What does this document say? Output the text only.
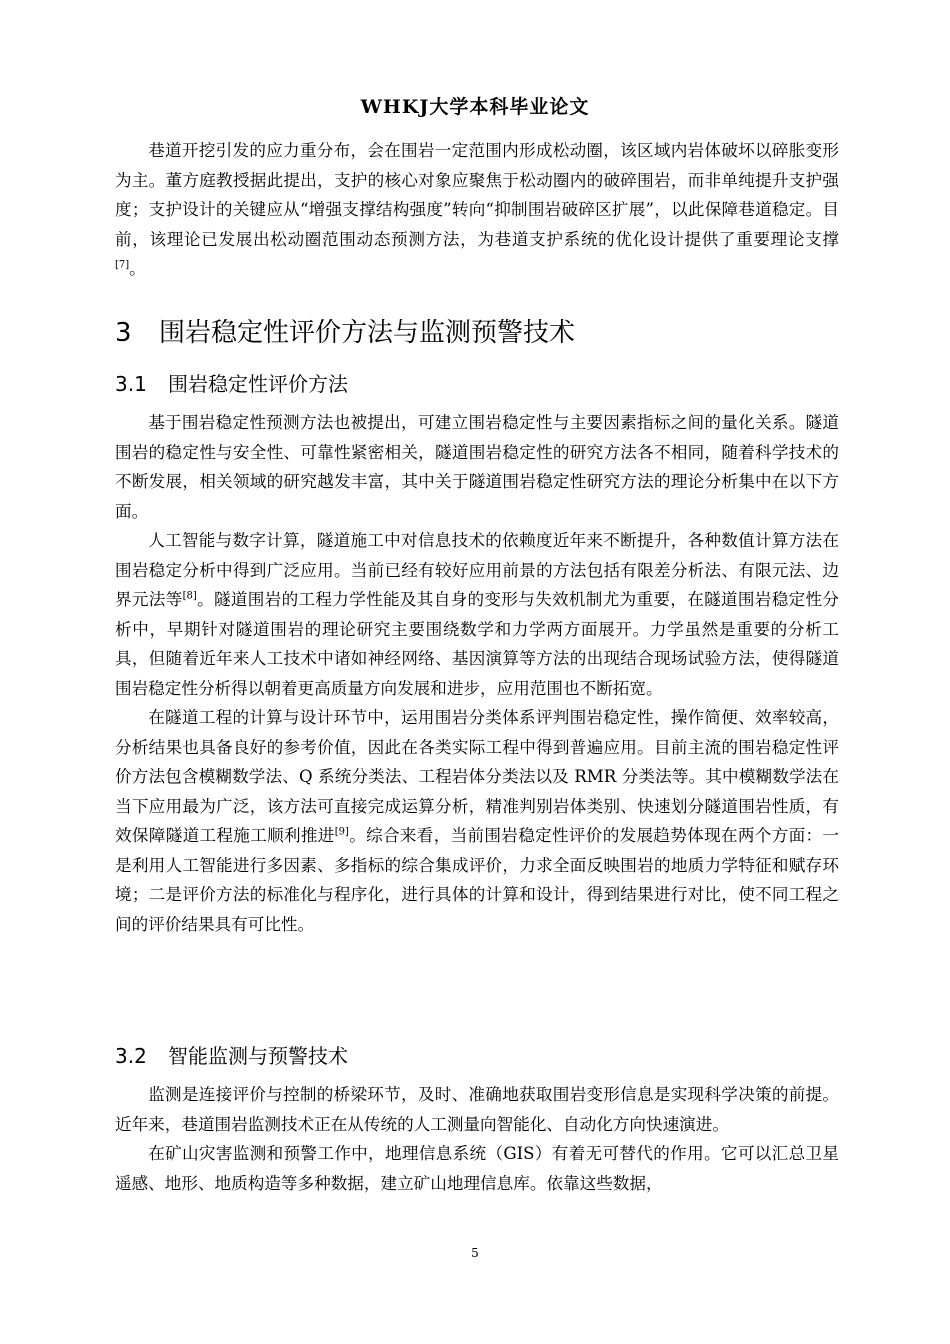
WHKJ大学本科毕业论文

巷道开挖引发的应力重分布，会在围岩一定范围内形成松动圈，该区域内岩体破坏以碎胀变形为主。董方庭教授据此提出，支护的核心对象应聚焦于松动圈内的破碎围岩，而非单纯提升支护强度；支护设计的关键应从“增强支撑结构强度”转向“抑制围岩破碎区扩展”，以此保障巷道稳定。目前，该理论已发展出松动圈范围动态预测方法，为巷道支护系统的优化设计提供了重要理论支撑[7]。

3 围岩稳定性评价方法与监测预警技术
3.1 围岩稳定性评价方法

基于围岩稳定性预测方法也被提出，可建立围岩稳定性与主要因素指标之间的量化关系。隧道围岩的稳定性与安全性、可靠性紧密相关，隧道围岩稳定性的研究方法各不相同，随着科学技术的不断发展，相关领域的研究越发丰富，其中关于隧道围岩稳定性研究方法的理论分析集中在以下方面。

人工智能与数字计算，隧道施工中对信息技术的依赖度近年来不断提升，各种数值计算方法在围岩稳定分析中得到广泛应用。当前已经有较好应用前景的方法包括有限差分析法、有限元法、边界元法等[8]。隧道围岩的工程力学性能及其自身的变形与失效机制尤为重要，在隧道围岩稳定性分析中，早期针对隧道围岩的理论研究主要围绕数学和力学两方面展开。力学虽然是重要的分析工具，但随着近年来人工技术中诸如神经网络、基因演算等方法的出现结合现场试验方法，使得隧道围岩稳定性分析得以朝着更高质量方向发展和进步，应用范围也不断拓宽。

在隧道工程的计算与设计环节中，运用围岩分类体系评判围岩稳定性，操作简便、效率较高，分析结果也具备良好的参考价值，因此在各类实际工程中得到普遍应用。目前主流的围岩稳定性评价方法包含模糊数学法、Q 系统分类法、工程岩体分类法以及 RMR 分类法等。其中模糊数学法在当下应用最为广泛，该方法可直接完成运算分析，精准判别岩体类别、快速划分隧道围岩性质，有效保障隧道工程施工顺利推进[9]。综合来看，当前围岩稳定性评价的发展趋势体现在两个方面：一是利用人工智能进行多因素、多指标的综合集成评价，力求全面反映围岩的地质力学特征和赋存环境；二是评价方法的标准化与程序化，进行具体的计算和设计，得到结果进行对比，使不同工程之间的评价结果具有可比性。

3.2 智能监测与预警技术

监测是连接评价与控制的桥梁环节，及时、准确地获取围岩变形信息是实现科学决策的前提。近年来，巷道围岩监测技术正在从传统的人工测量向智能化、自动化方向快速演进。

在矿山灾害监测和预警工作中，地理信息系统（GIS）有着无可替代的作用。它可以汇总卫星遥感、地形、地质构造等多种数据，建立矿山地理信息库。依靠这些数据，

5
